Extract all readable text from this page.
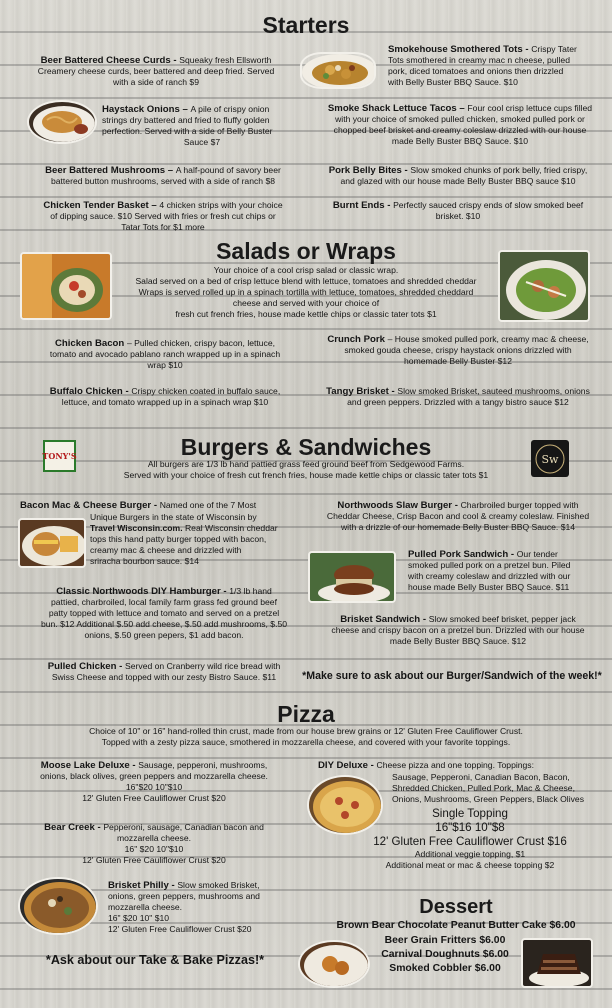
Starters
Beer Battered Cheese Curds - Squeaky fresh Ellsworth
Creamery cheese curds, beer battered and deep fried. Served
with a side of ranch $9
Smokehouse Smothered Tots - Crispy Tater
Tots smothered in creamy mac n cheese, pulled
pork, diced tomatoes and onions then drizzled
with Belly Buster BBQ Sauce. $10
Haystack Onions – A pile of crispy onion
strings dry battered and fried to fluffy golden
perfection. Served with a side of Belly Buster
Sauce $7
Smoke Shack Lettuce Tacos – Four cool crisp lettuce cups filled
with your choice of smoked pulled chicken, smoked pulled pork or
chopped beef brisket and creamy coleslaw drizzled with our house
made Belly Buster BBQ Sauce. $10
Beer Battered Mushrooms – A half-pound of savory beer
battered button mushrooms, served with a side of ranch $8
Pork Belly Bites - Slow smoked chunks of pork belly, fried crispy,
and glazed with our house made Belly Buster BBQ sauce $10
Chicken Tender Basket – 4 chicken strips with your choice
of dipping sauce. $10 Served with fries or fresh cut chips or
Tatar Tots for $1 more
Burnt Ends - Perfectly sauced crispy ends of slow smoked beef
brisket. $10
Salads or Wraps
Your choice of a cool crisp salad or classic wrap.
Salad served on a bed of crisp lettuce blend with lettuce, tomatoes and shredded cheddar
Wraps is served rolled up in a spinach tortilla with lettuce, tomatoes, shredded cheddard
cheese and served with your choice of
fresh cut french fries, house made kettle chips or classic tater tots $1
Chicken Bacon – Pulled chicken, crispy bacon, lettuce,
tomato and avocado pablano ranch wrapped up in a spinach
wrap $10
Crunch Pork – House smoked pulled pork, creamy mac & cheese,
smoked gouda cheese, crispy haystack onions drizzled with
homemade Belly Buster $12
Buffalo Chicken - Crispy chicken coated in buffalo sauce,
lettuce, and tomato wrapped up in a spinach wrap $10
Tangy Brisket - Slow smoked Brisket, sauteed mushrooms, onions
and green peppers. Drizzled with a tangy bistro sauce $12
TONY'S	Sw
Burgers & Sandwiches
All burgers are 1/3 lb hand pattied grass feed ground beef from Sedgewood Farms.
Served with your choice of fresh cut french fries, house made kettle chips or classic tater tots $1
Bacon Mac & Cheese Burger - Named one of the 7 Most
Unique Burgers in the state of Wisconsin by
Travel Wisconsin.com. Real Wisconsin cheddar
tops this hand patty burger topped with bacon,
creamy mac & cheese and drizzled with
sriracha bourbon sauce. $14
Northwoods Slaw Burger - Charbroiled burger topped with
Cheddar Cheese, Crisp Bacon and cool & creamy coleslaw. Finished
with a drizzle of our homemade Belly Buster BBQ Sauce. $14
Pulled Pork Sandwich - Our tender
smoked pulled pork on a pretzel bun. Piled
with creamy coleslaw and drizzled with our
house made Belly Buster BBQ Sauce. $11
Classic Northwoods DIY Hamburger - 1/3 lb hand
pattied, charbroiled, local family farm grass fed ground beef
patty topped with lettuce and tomato and served on a pretzel
bun. $12 Additional $.50 add cheese, $.50 add mushrooms, $.50
onions, $.50 green pepers, $1 add bacon.
Brisket Sandwich - Slow smoked beef brisket, pepper jack
cheese and crispy bacon on a pretzel bun. Drizzled with our house
made Belly Buster BBQ Sauce. $12
Pulled Chicken - Served on Cranberry wild rice bread with
Swiss Cheese and topped with our zesty Bistro Sauce. $11	*Make sure to ask about our Burger/Sandwich of the week!*
Pizza
Choice of 10" or 16" hand-rolled thin crust, made from our house brew grains or 12' Gluten Free Cauliflower Crust.
Topped with a zesty pizza sauce, smothered in mozzarella cheese, and covered with your favorite toppings.
Moose Lake Deluxe - Sausage, pepperoni, mushrooms,
onions, black olives, green peppers and mozzarella cheese.
16"$20 10"$10
12' Gluten Free Cauliflower Crust $20
DIY Deluxe - Cheese pizza and one topping. Toppings:
Sausage, Pepperoni, Canadian Bacon, Bacon,
Shredded Chicken, Pulled Pork, Mac & Cheese,
Onions, Mushrooms, Green Peppers, Black Olives
Single Topping
16"$16 10"$8
12' Gluten Free Cauliflower Crust $16
Additional veggie topping, $1
Additional meat or mac & cheese topping $2
Bear Creek - Pepperoni, sausage, Canadian bacon and
mozzarella cheese.
16" $20 10"$10
12' Gluten Free Cauliflower Crust $20
Brisket Philly - Slow smoked Brisket,
onions, green peppers, mushrooms and
mozzarella cheese.
16" $20 10" $10
12' Gluten Free Cauliflower Crust $20
*Ask about our Take & Bake Pizzas!*
Dessert
Brown Bear Chocolate Peanut Butter Cake $6.00
Beer Grain Fritters $6.00
Carnival Doughnuts $6.00
Smoked Cobbler $6.00
